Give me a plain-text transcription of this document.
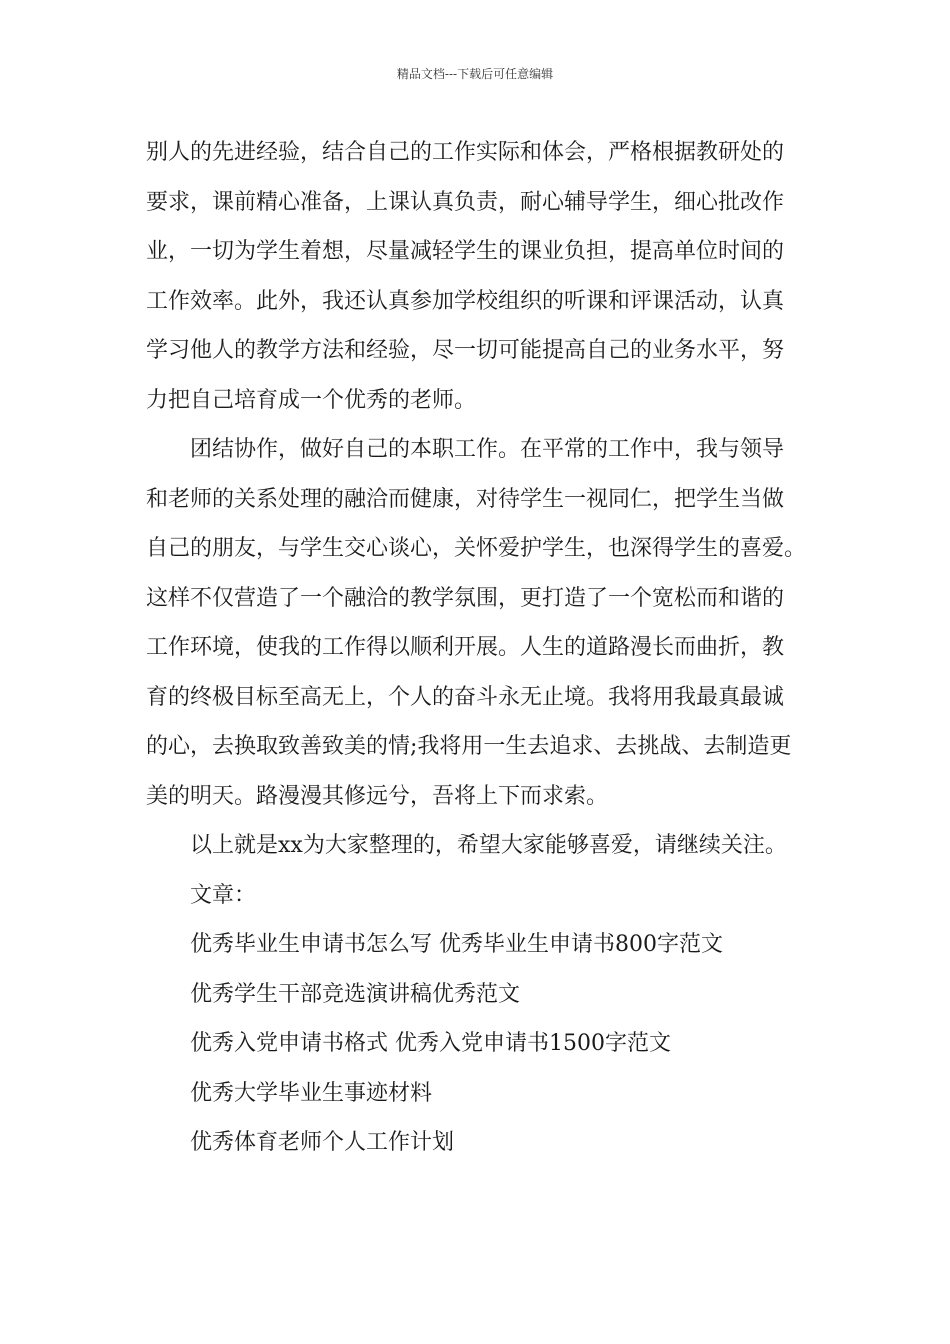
精品文档---下载后可任意编辑
别人的先进经验，结合自己的工作实际和体会，严格根据教研处的
要求，课前精心准备，上课认真负责，耐心辅导学生，细心批改作
业，一切为学生着想，尽量减轻学生的课业负担，提高单位时间的
工作效率。此外，我还认真参加学校组织的听课和评课活动，认真
学习他人的教学方法和经验，尽一切可能提高自己的业务水平，努
力把自己培育成一个优秀的老师。
团结协作，做好自己的本职工作。在平常的工作中，我与领导
和老师的关系处理的融洽而健康，对待学生一视同仁，把学生当做
自己的朋友，与学生交心谈心，关怀爱护学生，也深得学生的喜爱。
这样不仅营造了一个融洽的教学氛围，更打造了一个宽松而和谐的
工作环境，使我的工作得以顺利开展。人生的道路漫长而曲折，教
育的终极目标至高无上，个人的奋斗永无止境。我将用我最真最诚
的心，去换取致善致美的情;我将用一生去追求、去挑战、去制造更
美的明天。路漫漫其修远兮，吾将上下而求索。
以上就是xx为大家整理的，希望大家能够喜爱，请继续关注。
文章：
优秀毕业生申请书怎么写 优秀毕业生申请书800字范文
优秀学生干部竞选演讲稿优秀范文
优秀入党申请书格式 优秀入党申请书1500字范文
优秀大学毕业生事迹材料
优秀体育老师个人工作计划
